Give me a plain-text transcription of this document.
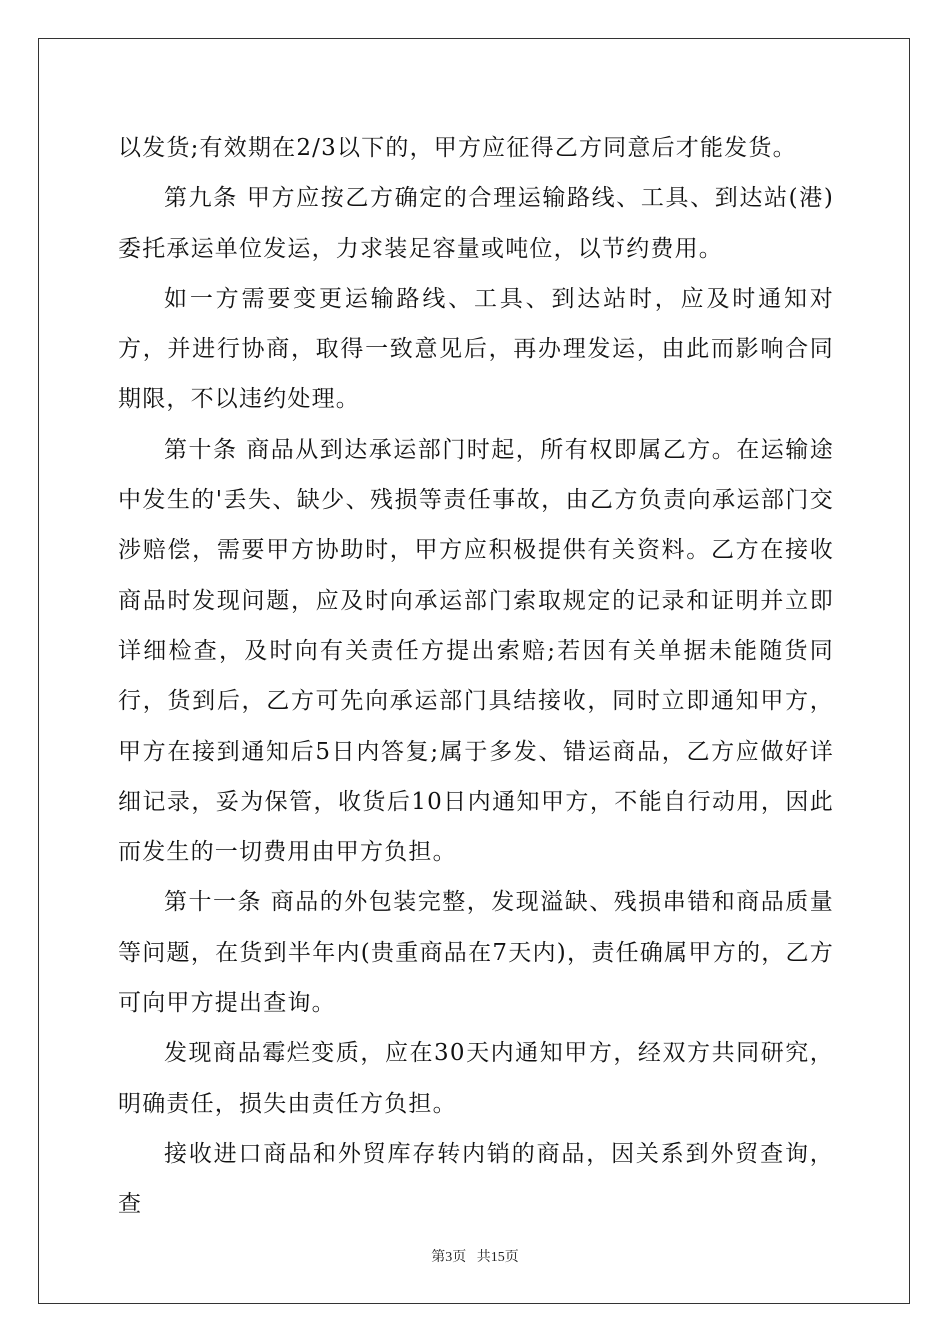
以发货;有效期在2/3以下的，甲方应征得乙方同意后才能发货。

第九条 甲方应按乙方确定的合理运输路线、工具、到达站(港)委托承运单位发运，力求装足容量或吨位，以节约费用。

如一方需要变更运输路线、工具、到达站时，应及时通知对方，并进行协商，取得一致意见后，再办理发运，由此而影响合同期限，不以违约处理。

第十条 商品从到达承运部门时起，所有权即属乙方。在运输途中发生的'丢失、缺少、残损等责任事故，由乙方负责向承运部门交涉赔偿，需要甲方协助时，甲方应积极提供有关资料。乙方在接收商品时发现问题，应及时向承运部门索取规定的记录和证明并立即详细检查，及时向有关责任方提出索赔;若因有关单据未能随货同行，货到后，乙方可先向承运部门具结接收，同时立即通知甲方，甲方在接到通知后5日内答复;属于多发、错运商品，乙方应做好详细记录，妥为保管，收货后10日内通知甲方，不能自行动用，因此而发生的一切费用由甲方负担。

第十一条 商品的外包装完整，发现溢缺、残损串错和商品质量等问题，在货到半年内(贵重商品在7天内)，责任确属甲方的，乙方可向甲方提出查询。

发现商品霉烂变质，应在30天内通知甲方，经双方共同研究，明确责任，损失由责任方负担。

接收进口商品和外贸库存转内销的商品，因关系到外贸查询，查

第3页 共15页
